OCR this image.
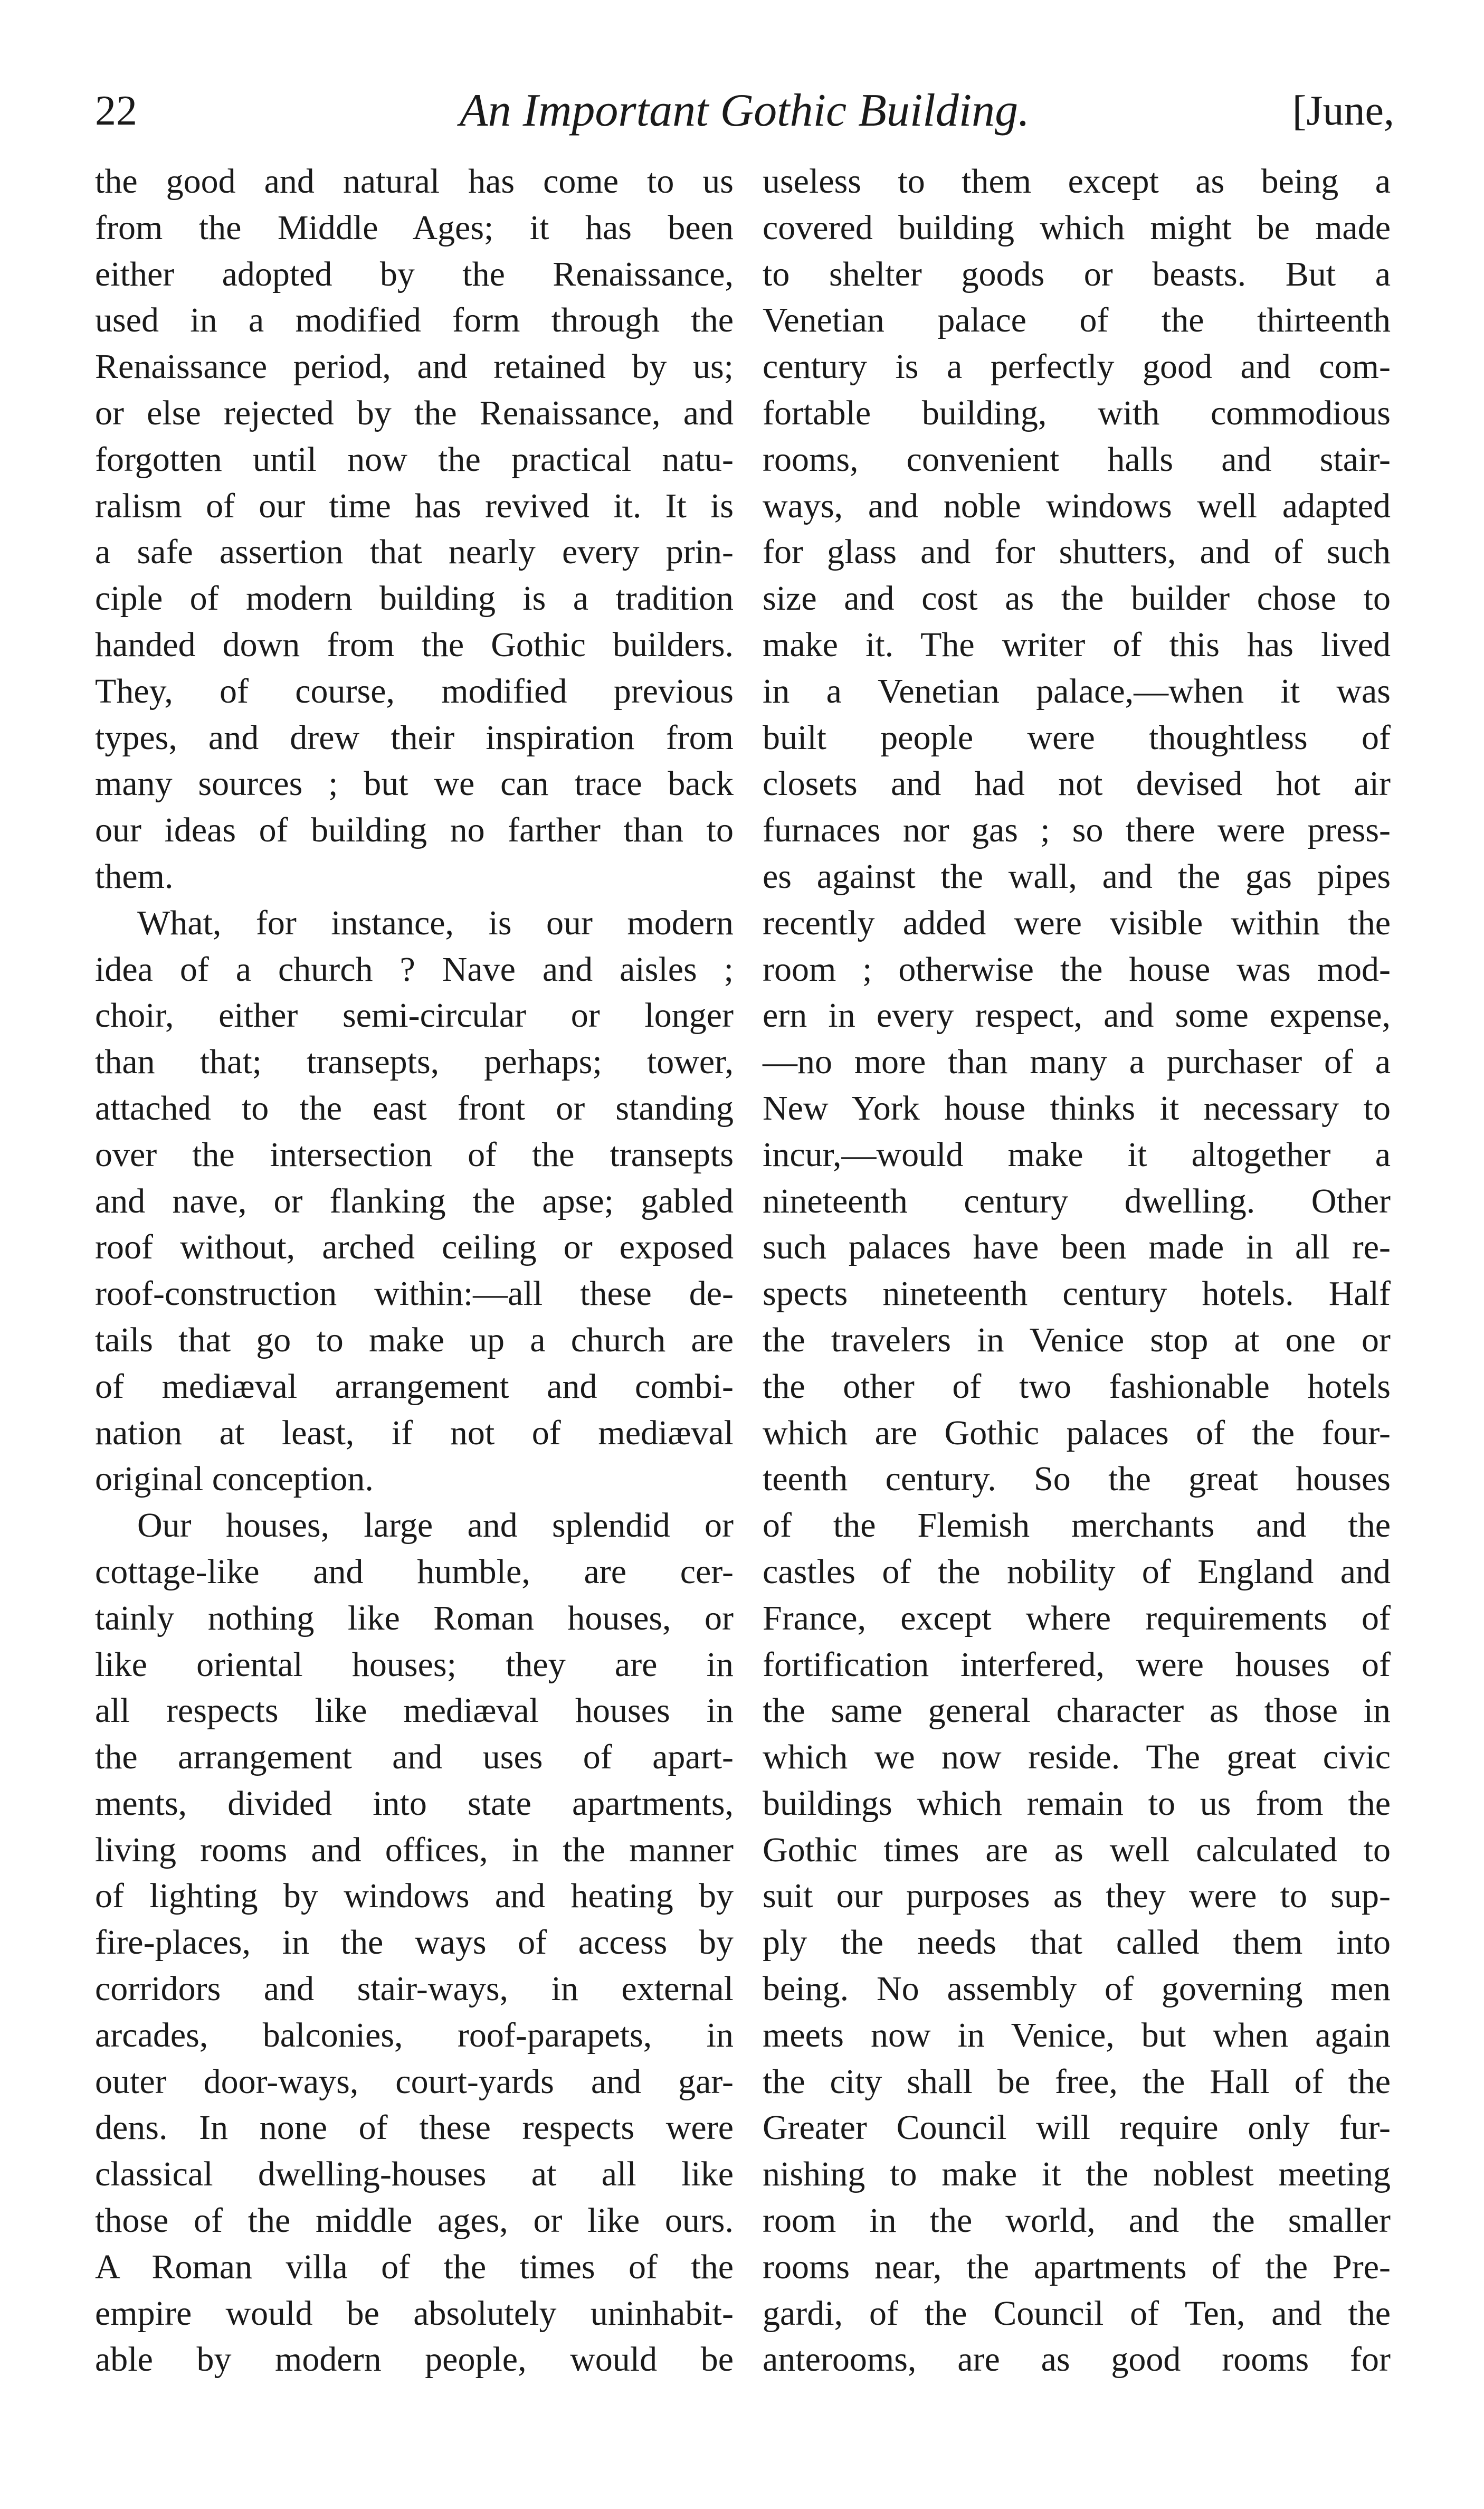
22	An Important Gothic Building.	[June,
the good and natural has come to us
from the Middle Ages; it has been
either adopted by the Renaissance,
used in a modified form through the
Renaissance period, and retained by us;
or else rejected by the Renaissance, and
forgotten until now the practical natu-
ralism of our time has revived it. It is
a safe assertion that nearly every prin-
ciple of modern building is a tradition
handed down from the Gothic builders.
They, of course, modified previous
types, and drew their inspiration from
many sources ; but we can trace back
our ideas of building no farther than to
them.
What, for instance, is our modern
idea of a church ? Nave and aisles ;
choir, either semi-circular or longer
than that; transepts, perhaps; tower,
attached to the east front or standing
over the intersection of the transepts
and nave, or flanking the apse; gabled
roof without, arched ceiling or exposed
roof-construction within:—all these de-
tails that go to make up a church are
of mediæval arrangement and combi-
nation at least, if not of mediæval
original conception.
Our houses, large and splendid or
cottage-like and humble, are cer-
tainly nothing like Roman houses, or
like oriental houses; they are in
all respects like mediæval houses in
the arrangement and uses of apart-
ments, divided into state apartments,
living rooms and offices, in the manner
of lighting by windows and heating by
fire-places, in the ways of access by
corridors and stair-ways, in external
arcades, balconies, roof-parapets, in
outer door-ways, court-yards and gar-
dens. In none of these respects were
classical dwelling-houses at all like
those of the middle ages, or like ours.
A Roman villa of the times of the
empire would be absolutely uninhabit-
able by modern people, would be
useless to them except as being a
covered building which might be made
to shelter goods or beasts. But a
Venetian palace of the thirteenth
century is a perfectly good and com-
fortable building, with commodious
rooms, convenient halls and stair-
ways, and noble windows well adapted
for glass and for shutters, and of such
size and cost as the builder chose to
make it. The writer of this has lived
in a Venetian palace,—when it was
built people were thoughtless of
closets and had not devised hot air
furnaces nor gas ; so there were press-
es against the wall, and the gas pipes
recently added were visible within the
room ; otherwise the house was mod-
ern in every respect, and some expense,
—no more than many a purchaser of a
New York house thinks it necessary to
incur,—would make it altogether a
nineteenth century dwelling. Other
such palaces have been made in all re-
spects nineteenth century hotels. Half
the travelers in Venice stop at one or
the other of two fashionable hotels
which are Gothic palaces of the four-
teenth century. So the great houses
of the Flemish merchants and the
castles of the nobility of England and
France, except where requirements of
fortification interfered, were houses of
the same general character as those in
which we now reside. The great civic
buildings which remain to us from the
Gothic times are as well calculated to
suit our purposes as they were to sup-
ply the needs that called them into
being. No assembly of governing men
meets now in Venice, but when again
the city shall be free, the Hall of the
Greater Council will require only fur-
nishing to make it the noblest meeting
room in the world, and the smaller
rooms near, the apartments of the Pre-
gardi, of the Council of Ten, and the
anterooms, are as good rooms for
